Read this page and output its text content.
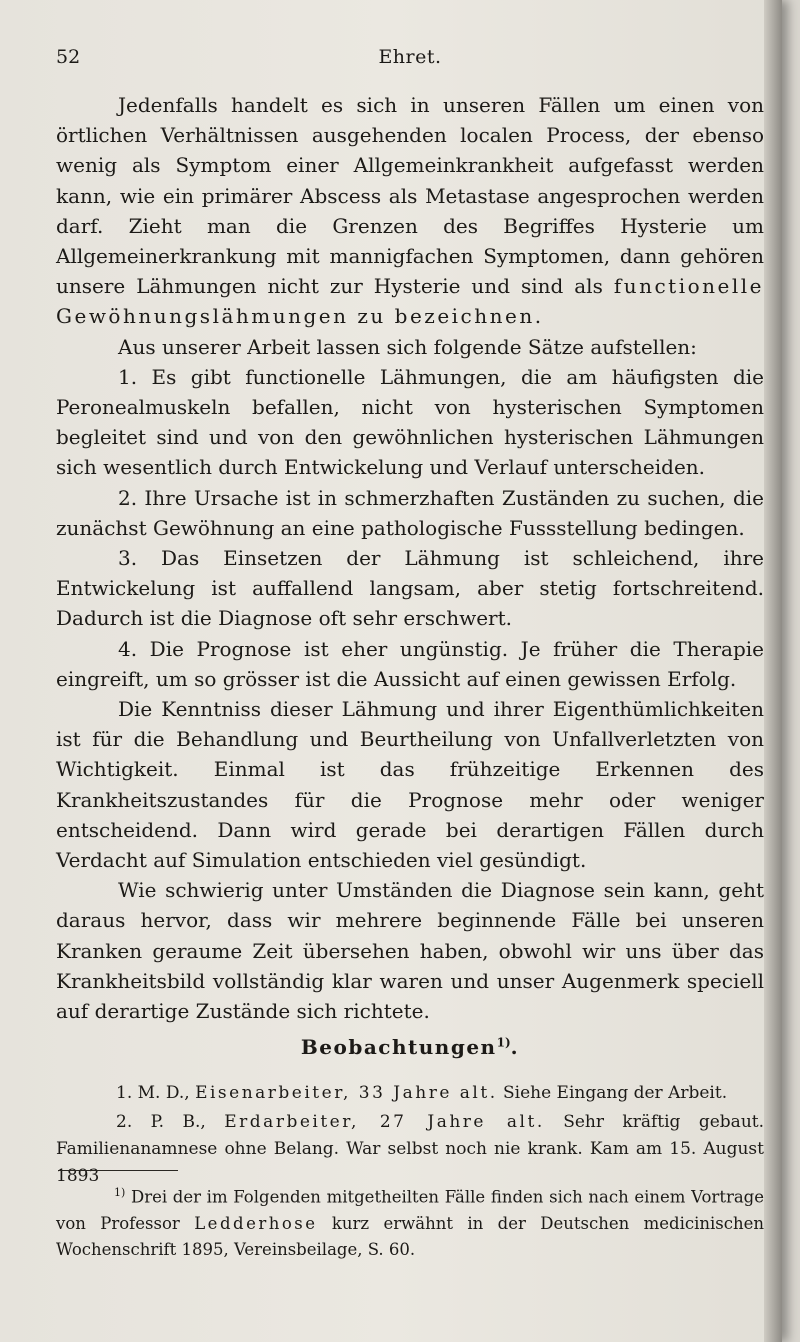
52	Ehret.

Jedenfalls handelt es sich in unseren Fällen um einen von örtlichen Verhältnissen ausgehenden localen Process, der ebenso wenig als Symptom einer Allgemeinkrankheit aufgefasst werden kann, wie ein primärer Abscess als Metastase angesprochen werden darf. Zieht man die Grenzen des Begriffes Hysterie um Allgemeinerkrankung mit mannigfachen Symptomen, dann gehören unsere Lähmungen nicht zur Hysterie und sind als functionelle Gewöhnungslähmungen zu bezeichnen.

Aus unserer Arbeit lassen sich folgende Sätze aufstellen:

1. Es gibt functionelle Lähmungen, die am häufigsten die Peronealmuskeln befallen, nicht von hysterischen Symptomen begleitet sind und von den gewöhnlichen hysterischen Lähmungen sich wesentlich durch Entwickelung und Verlauf unterscheiden.

2. Ihre Ursache ist in schmerzhaften Zuständen zu suchen, die zunächst Gewöhnung an eine pathologische Fussstellung bedingen.

3. Das Einsetzen der Lähmung ist schleichend, ihre Entwickelung ist auffallend langsam, aber stetig fortschreitend. Dadurch ist die Diagnose oft sehr erschwert.

4. Die Prognose ist eher ungünstig. Je früher die Therapie eingreift, um so grösser ist die Aussicht auf einen gewissen Erfolg.

Die Kenntniss dieser Lähmung und ihrer Eigenthümlichkeiten ist für die Behandlung und Beurtheilung von Unfallverletzten von Wichtigkeit. Einmal ist das frühzeitige Erkennen des Krankheitszustandes für die Prognose mehr oder weniger entscheidend. Dann wird gerade bei derartigen Fällen durch Verdacht auf Simulation entschieden viel gesündigt.

Wie schwierig unter Umständen die Diagnose sein kann, geht daraus hervor, dass wir mehrere beginnende Fälle bei unseren Kranken geraume Zeit übersehen haben, obwohl wir uns über das Krankheitsbild vollständig klar waren und unser Augenmerk speciell auf derartige Zustände sich richtete.

Beobachtungen$^{1)}$.

1. M. D., Eisenarbeiter, 33 Jahre alt. Siehe Eingang der Arbeit.

2. P. B., Erdarbeiter, 27 Jahre alt. Sehr kräftig gebaut. Familienanamnese ohne Belang. War selbst noch nie krank. Kam am 15. August 1893

$^{1)}$ Drei der im Folgenden mitgetheilten Fälle finden sich nach einem Vortrage von Professor Ledderhose kurz erwähnt in der Deutschen medicinischen Wochenschrift 1895, Vereinsbeilage, S. 60.
